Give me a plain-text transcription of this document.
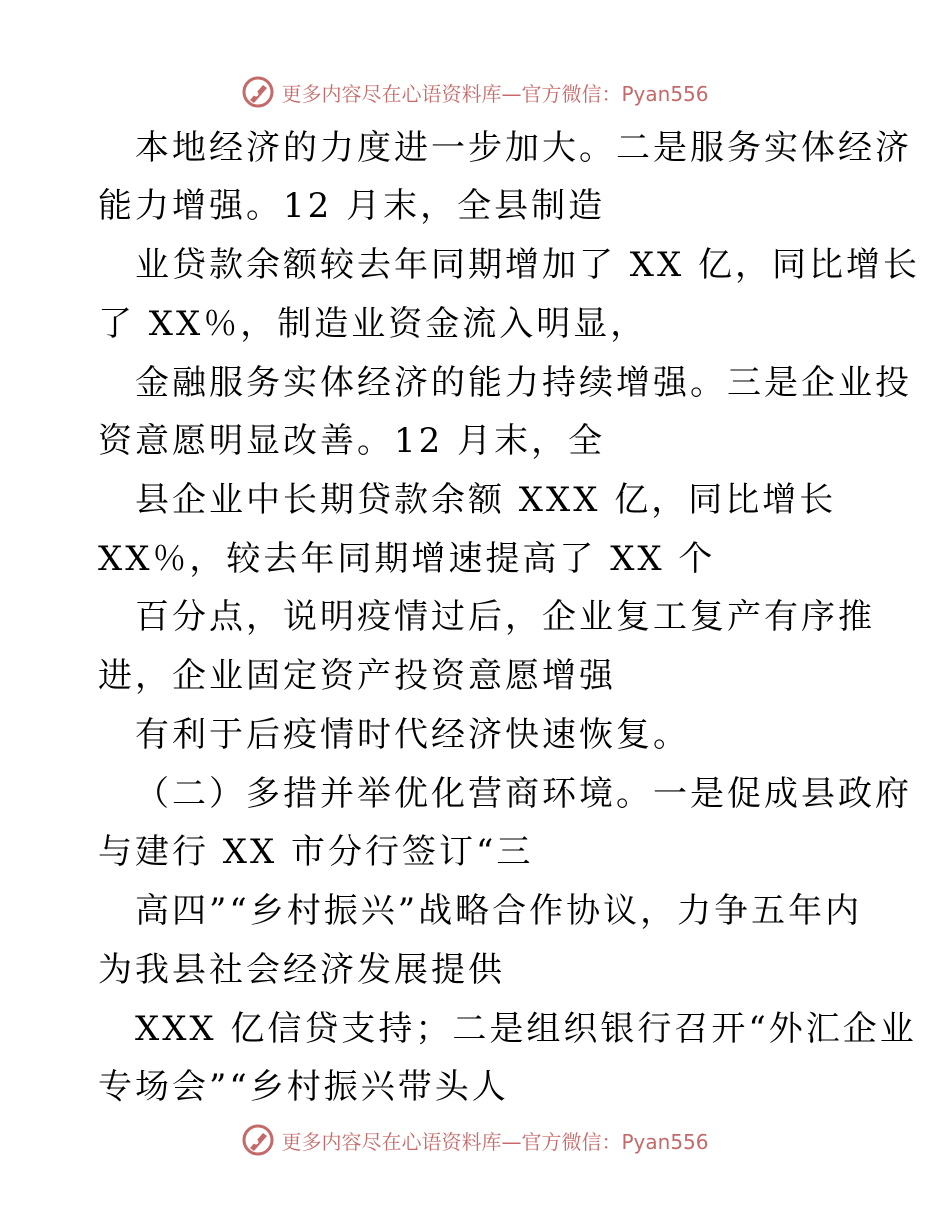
更多内容尽在心语资料库—官方微信：Pyan556
本地经济的力度进一步加大。二是服务实体经济
能力增强。12 月末，全县制造
业贷款余额较去年同期增加了 XX 亿，同比增长
了 XX％，制造业资金流入明显，
金融服务实体经济的能力持续增强。三是企业投
资意愿明显改善。12 月末，全
县企业中长期贷款余额 XXX 亿，同比增长
XX％，较去年同期增速提高了 XX 个
百分点，说明疫情过后，企业复工复产有序推
进，企业固定资产投资意愿增强
有利于后疫情时代经济快速恢复。
（二）多措并举优化营商环境。一是促成县政府
与建行 XX 市分行签订“三
高四”“乡村振兴”战略合作协议，力争五年内
为我县社会经济发展提供
XXX 亿信贷支持；二是组织银行召开“外汇企业
专场会”“乡村振兴带头人
更多内容尽在心语资料库—官方微信：Pyan556
